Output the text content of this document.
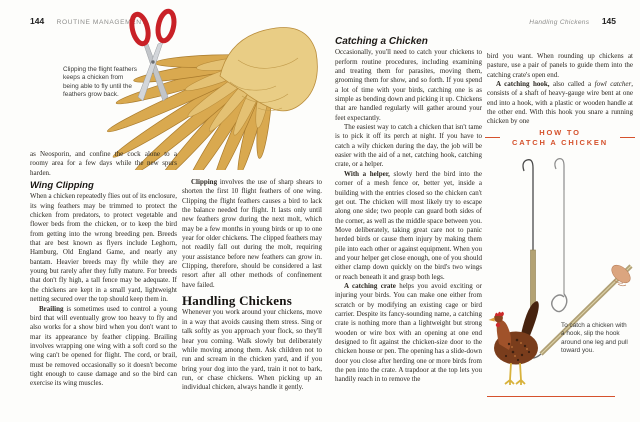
144 ROUTINE MANAGEMENT
Clipping the flight feathers keeps a chicken from being able to fly until the feathers grow back.

as Neosporin, and confine the cock alone to a roomy area for a few days while the new spurs harden.

Wing Clipping

When a chicken repeatedly flies out of its enclosure, its wing feathers may be trimmed to protect the chicken from predators, to protect vegetable and flower beds from the chicken, or to keep the bird from getting into the wrong breeding pen. Breeds that are best known as flyers include Leghorn, Hamburg, Old England Game, and nearly any bantam. Heavier breeds may fly while they are young but rarely after they fully mature. For breeds that don't fly high, a tall fence may be adequate. If the chickens are kept in a small yard, lightweight netting secured over the top should keep them in.

Brailing is sometimes used to control a young bird that will eventually grow too heavy to fly and also works for a show bird when you don't want to mar its appearance by feather clipping. Brailing involves wrapping one wing with a soft cord so the wing can't be opened for flight. The cord, or brail, must be removed occasionally so it doesn't become tight enough to cause damage and so the bird can exercise its wing muscles.

Clipping involves the use of sharp shears to shorten the first 10 flight feathers of one wing. Clipping the flight feathers causes a bird to lack the balance needed for flight. It lasts only until new feathers grow during the next molt, which may be a few months in young birds or up to one year for older chickens. The clipped feathers may not readily fall out during the molt, requiring your assistance before new feathers can grow in. Clipping, therefore, should be considered a last resort after all other methods of confinement have failed.

Handling Chickens

Whenever you work around your chickens, move in a way that avoids causing them stress. Sing or talk softly as you approach your flock, so they'll hear you coming. Walk slowly but deliberately while moving among them. Ask children not to run and scream in the chicken yard, and if you bring your dog into the yard, train it not to bark, run, or chase chickens. When picking up an individual chicken, always handle it gently.

Handling Chickens 145
Catching a Chicken

Occasionally, you'll need to catch your chickens to perform routine procedures, including examining and treating them for parasites, moving them, grooming them for show, and so forth. If you spend a lot of time with your birds, catching one is as simple as bending down and picking it up. Chickens that are handled regularly will gather around your feet expectantly.

The easiest way to catch a chicken that isn't tame is to pick it off its perch at night. If you have to catch a wily chicken during the day, the job will be easier with the aid of a net, catching hook, catching crate, or a helper.

With a helper, slowly herd the bird into the corner of a mesh fence or, better yet, inside a building with the entries closed so the chicken can't get out. The chicken will most likely try to escape along one side; two people can guard both sides of the corner, as well as the middle space between you. Move deliberately, taking great care not to panic herded birds or cause them injury by making them pile into each other or against equipment. When you and your helper get close enough, one of you should either clamp down quickly on the bird's two wings or reach beneath it and grasp both legs.

A catching crate helps you avoid exciting or injuring your birds. You can make one either from scratch or by modifying an existing cage or bird carrier. Despite its fancy-sounding name, a catching crate is nothing more than a lightweight but strong wooden or wire box with an opening at one end designed to fit against the chicken-size door to the chicken house or pen. The opening has a slide-down door you close after herding one or more birds from the pen into the crate. A trapdoor at the top lets you handily reach in to remove the

bird you want. When rounding up chickens at pasture, use a pair of panels to guide them into the catching crate's open end.

A catching hook, also called a fowl catcher, consists of a shaft of heavy-gauge wire bent at one end into a hook, with a plastic or wooden handle at the other end. With this hook you snare a running chicken by one

HOW TO
CATCH A CHICKEN
To catch a chicken with a hook, slip the hook around one leg and pull toward you.
